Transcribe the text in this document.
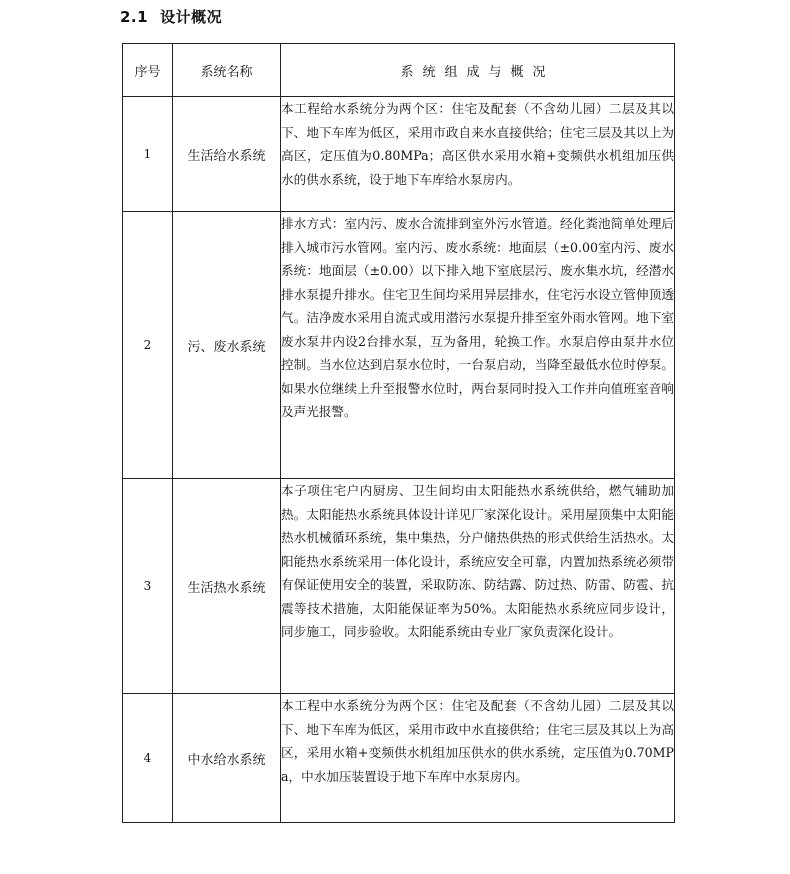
2.1 设计概况
序号	系统名称	系统组成与概况
1	生活给水系统	本工程给水系统分为两个区：住宅及配套（不含幼儿园）二层及其以下、地下车库为低区，采用市政自来水直接供给；住宅三层及其以上为高区，定压值为0.80MPa；高区供水采用水箱+变频供水机组加压供水的供水系统，设于地下车库给水泵房内。
2	污、废水系统	排水方式：室内污、废水合流排到室外污水管道。经化粪池简单处理后排入城市污水管网。室内污、废水系统：地面层（±0.00室内污、废水系统：地面层（±0.00）以下排入地下室底层污、废水集水坑，经潜水排水泵提升排水。住宅卫生间均采用异层排水，住宅污水设立管伸顶透气。洁净废水采用自流式或用潜污水泵提升排至室外雨水管网。地下室废水泵井内设2台排水泵，互为备用，轮换工作。水泵启停由泵井水位控制。当水位达到启泵水位时，一台泵启动，当降至最低水位时停泵。如果水位继续上升至报警水位时，两台泵同时投入工作并向值班室音响及声光报警。
3	生活热水系统	本子项住宅户内厨房、卫生间均由太阳能热水系统供给，燃气辅助加热。太阳能热水系统具体设计详见厂家深化设计。采用屋顶集中太阳能热水机械循环系统，集中集热，分户储热供热的形式供给生活热水。太阳能热水系统采用一体化设计，系统应安全可靠，内置加热系统必须带有保证使用安全的装置，采取防冻、防结露、防过热、防雷、防雹、抗震等技术措施，太阳能保证率为50%。太阳能热水系统应同步设计，同步施工，同步验收。太阳能系统由专业厂家负责深化设计。
4	中水给水系统	本工程中水系统分为两个区：住宅及配套（不含幼儿园）二层及其以下、地下车库为低区，采用市政中水直接供给；住宅三层及其以上为高区，采用水箱+变频供水机组加压供水的供水系统，定压值为0.70MPa，中水加压装置设于地下车库中水泵房内。
